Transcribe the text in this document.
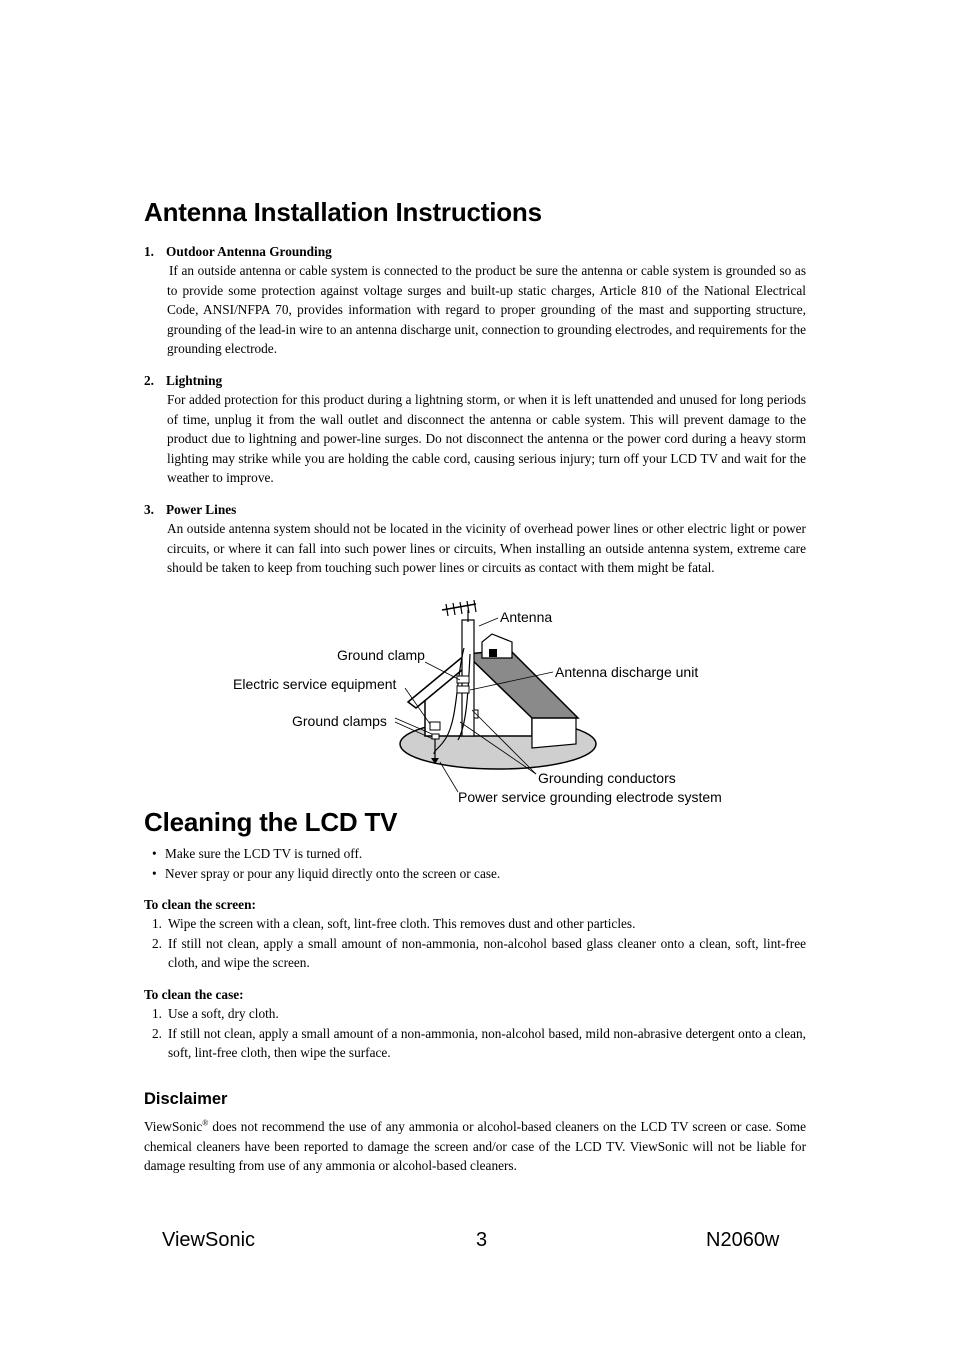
Antenna Installation Instructions
1. Outdoor Antenna Grounding

If an outside antenna or cable system is connected to the product be sure the antenna or cable system is grounded so as to provide some protection against voltage surges and built-up static charges, Article 810 of the National Electrical Code, ANSI/NFPA 70, provides information with regard to proper grounding of the mast and supporting structure, grounding of the lead-in wire to an antenna discharge unit, connection to grounding electrodes, and requirements for the grounding electrode.

2. Lightning

For added protection for this product during a lightning storm, or when it is left unattended and unused for long periods of time, unplug it from the wall outlet and disconnect the antenna or cable system. This will prevent damage to the product due to lightning and power-line surges. Do not disconnect the antenna or the power cord during a heavy storm lighting may strike while you are holding the cable cord, causing serious injury; turn off your LCD TV and wait for the weather to improve.

3. Power Lines

An outside antenna system should not be located in the vicinity of overhead power lines or other electric light or power circuits, or where it can fall into such power lines or circuits, When installing an outside antenna system, extreme care should be taken to keep from touching such power lines or circuits as contact with them might be fatal.

Antenna
Ground clamp
Antenna discharge unit
Electric service equipment
Ground clamps
Grounding conductors
Power service grounding electrode system
Cleaning the LCD TV
• Make sure the LCD TV is turned off.
• Never spray or pour any liquid directly onto the screen or case.

To clean the screen:

1. Wipe the screen with a clean, soft, lint-free cloth. This removes dust and other particles.
2. If still not clean, apply a small amount of non-ammonia, non-alcohol based glass cleaner onto a clean, soft, lint-free cloth, and wipe the screen.

To clean the case:

1. Use a soft, dry cloth.
2. If still not clean, apply a small amount of a non-ammonia, non-alcohol based, mild non-abrasive detergent onto a clean, soft, lint-free cloth, then wipe the surface.
Disclaimer

ViewSonic® does not recommend the use of any ammonia or alcohol-based cleaners on the LCD TV screen or case. Some chemical cleaners have been reported to damage the screen and/or case of the LCD TV. ViewSonic will not be liable for damage resulting from use of any ammonia or alcohol-based cleaners.

ViewSonic	3	N2060w
